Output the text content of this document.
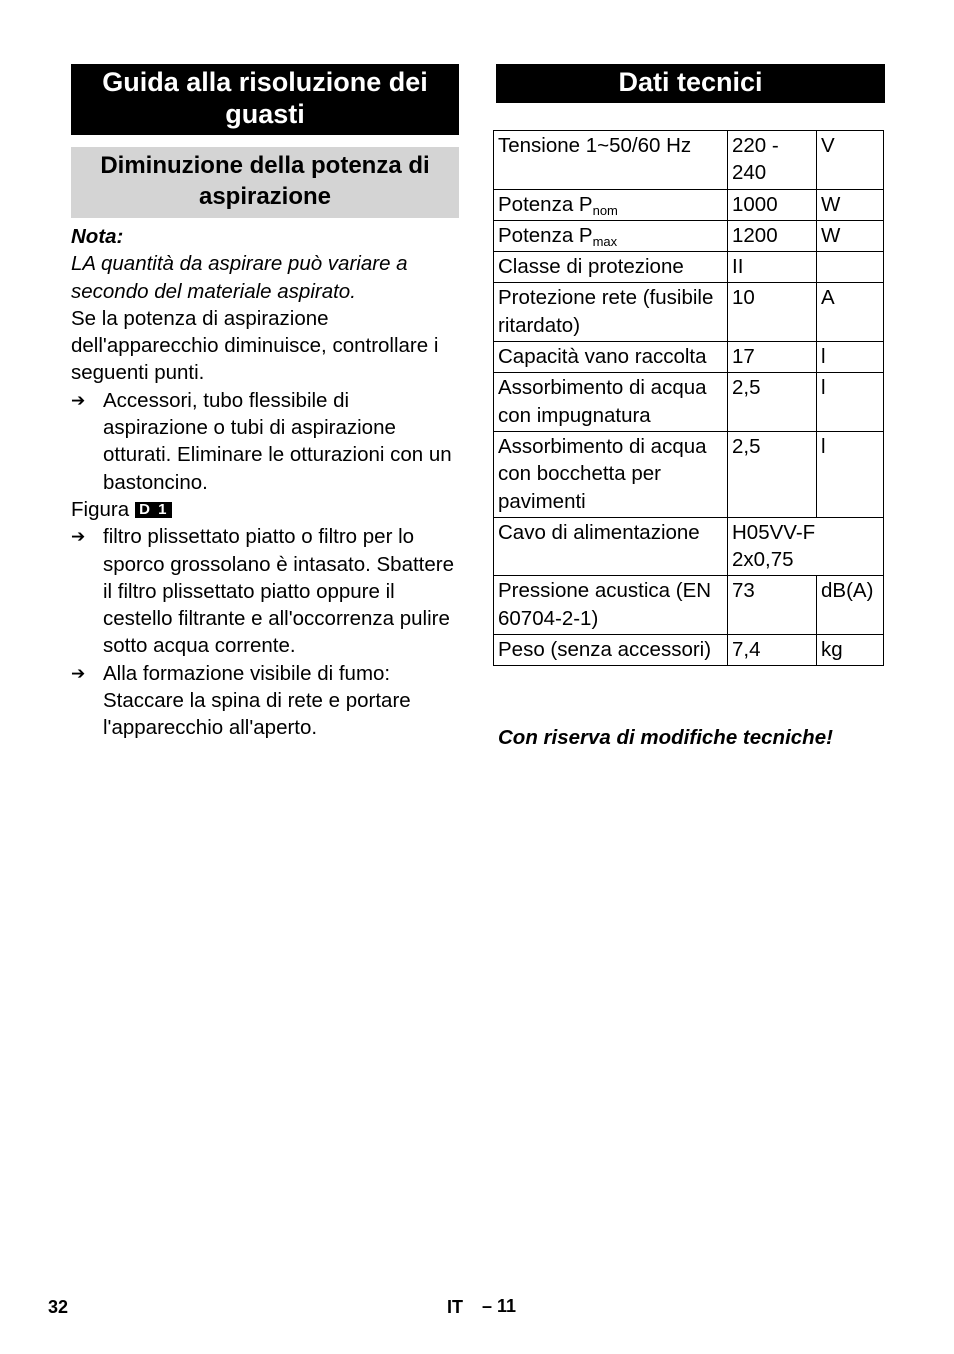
Guida alla risoluzione dei guasti
Diminuzione della potenza di aspirazione
Nota:
LA quantità da aspirare può variare a secondo del materiale aspirato.
Se la potenza di aspirazione dell'apparecchio diminuisce, controllare i seguenti punti.
➔ Accessori, tubo flessibile di aspirazione o tubi di aspirazione otturati. Eliminare le otturazioni con un bastoncino.
Figura D 1
➔ filtro plissettato piatto o filtro per lo sporco grossolano è intasato. Sbattere il filtro plissettato piatto oppure il cestello filtrante e all'occorrenza pulire sotto acqua corrente.
➔ Alla formazione visibile di fumo: Staccare la spina di rete e portare l'apparecchio all'aperto.
Dati tecnici
Tensione 1~50/60 Hz	220 - 240	V
Potenza $P_{nom}$	1000	W
Potenza $P_{max}$	1200	W
Classe di protezione	II	
Protezione rete (fusibile ritardato)	10	A
Capacità vano raccolta	17	l
Assorbimento di acqua con impugnatura	2,5	l
Assorbimento di acqua con bocchetta per pavimenti	2,5	l
Cavo di alimentazione	H05VV-F 2x0,75	
Pressione acustica (EN 60704-2-1)	73	dB(A)
Peso (senza accessori)	7,4	kg
Con riserva di modifiche tecniche!
32	IT – 11
